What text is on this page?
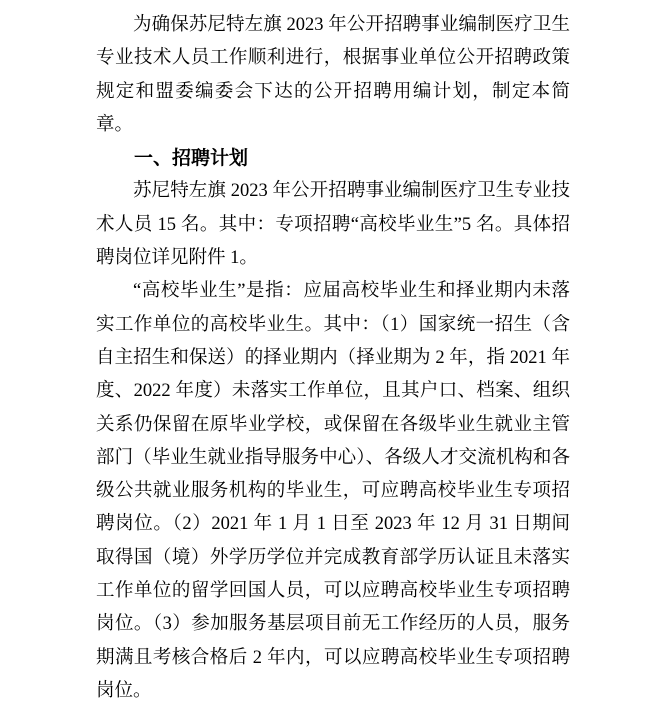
为确保苏尼特左旗 2023 年公开招聘事业编制医疗卫生专业技术人员工作顺利进行，根据事业单位公开招聘政策规定和盟委编委会下达的公开招聘用编计划，制定本简章。

一、招聘计划

苏尼特左旗 2023 年公开招聘事业编制医疗卫生专业技术人员 15 名。其中：专项招聘“高校毕业生”5 名。具体招聘岗位详见附件 1。

“高校毕业生”是指：应届高校毕业生和择业期内未落实工作单位的高校毕业生。其中：（1）国家统一招生（含自主招生和保送）的择业期内（择业期为 2 年，指 2021 年度、2022 年度）未落实工作单位，且其户口、档案、组织关系仍保留在原毕业学校，或保留在各级毕业生就业主管部门（毕业生就业指导服务中心）、各级人才交流机构和各级公共就业服务机构的毕业生，可应聘高校毕业生专项招聘岗位。（2）2021 年 1 月 1 日至 2023 年 12 月 31 日期间取得国（境）外学历学位并完成教育部学历认证且未落实工作单位的留学回国人员，可以应聘高校毕业生专项招聘岗位。（3）参加服务基层项目前无工作经历的人员，服务期满且考核合格后 2 年内，可以应聘高校毕业生专项招聘岗位。
